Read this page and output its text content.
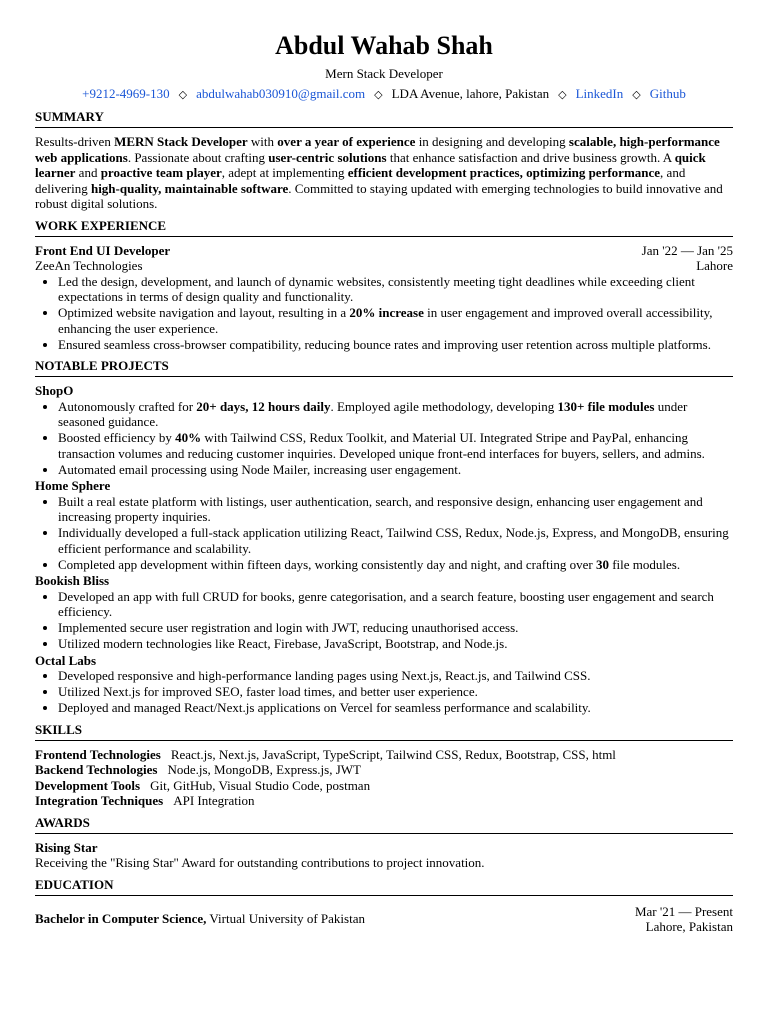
Abdul Wahab Shah
Mern Stack Developer
+9212-4969-130 ◇ abdulwahab030910@gmail.com ◇ LDA Avenue, lahore, Pakistan ◇ LinkedIn ◇ Github
SUMMARY

Results-driven MERN Stack Developer with over a year of experience in designing and developing scalable, high-performance web applications. Passionate about crafting user-centric solutions that enhance satisfaction and drive business growth. A quick learner and proactive team player, adept at implementing efficient development practices, optimizing performance, and delivering high-quality, maintainable software. Committed to staying updated with emerging technologies to build innovative and robust digital solutions.

WORK EXPERIENCE
Front End UI Developer	Jan '22 — Jan '25
ZeeAn Technologies	Lahore
• Led the design, development, and launch of dynamic websites, consistently meeting tight deadlines while exceeding client expectations in terms of design quality and functionality.
• Optimized website navigation and layout, resulting in a 20% increase in user engagement and improved overall accessibility, enhancing the user experience.
• Ensured seamless cross-browser compatibility, reducing bounce rates and improving user retention across multiple platforms.
NOTABLE PROJECTS
ShopO
• Autonomously crafted for 20+ days, 12 hours daily. Employed agile methodology, developing 130+ file modules under seasoned guidance.
• Boosted efficiency by 40% with Tailwind CSS, Redux Toolkit, and Material UI. Integrated Stripe and PayPal, enhancing transaction volumes and reducing customer inquiries. Developed unique front-end interfaces for buyers, sellers, and admins.
• Automated email processing using Node Mailer, increasing user engagement.
Home Sphere
• Built a real estate platform with listings, user authentication, search, and responsive design, enhancing user engagement and increasing property inquiries.
• Individually developed a full-stack application utilizing React, Tailwind CSS, Redux, Node.js, Express, and MongoDB, ensuring efficient performance and scalability.
• Completed app development within fifteen days, working consistently day and night, and crafting over 30 file modules.
Bookish Bliss
• Developed an app with full CRUD for books, genre categorisation, and a search feature, boosting user engagement and search efficiency.
• Implemented secure user registration and login with JWT, reducing unauthorised access.
• Utilized modern technologies like React, Firebase, JavaScript, Bootstrap, and Node.js.
Octal Labs
• Developed responsive and high-performance landing pages using Next.js, React.js, and Tailwind CSS.
• Utilized Next.js for improved SEO, faster load times, and better user experience.
• Deployed and managed React/Next.js applications on Vercel for seamless performance and scalability.
SKILLS
Frontend Technologies React.js, Next.js, JavaScript, TypeScript, Tailwind CSS, Redux, Bootstrap, CSS, html
Backend Technologies Node.js, MongoDB, Express.js, JWT
Development Tools Git, GitHub, Visual Studio Code, postman
Integration Techniques API Integration
AWARDS
Rising Star
Receiving the "Rising Star" Award for outstanding contributions to project innovation.
EDUCATION
Bachelor in Computer Science, Virtual University of Pakistan
Mar '21 — Present
Lahore, Pakistan
